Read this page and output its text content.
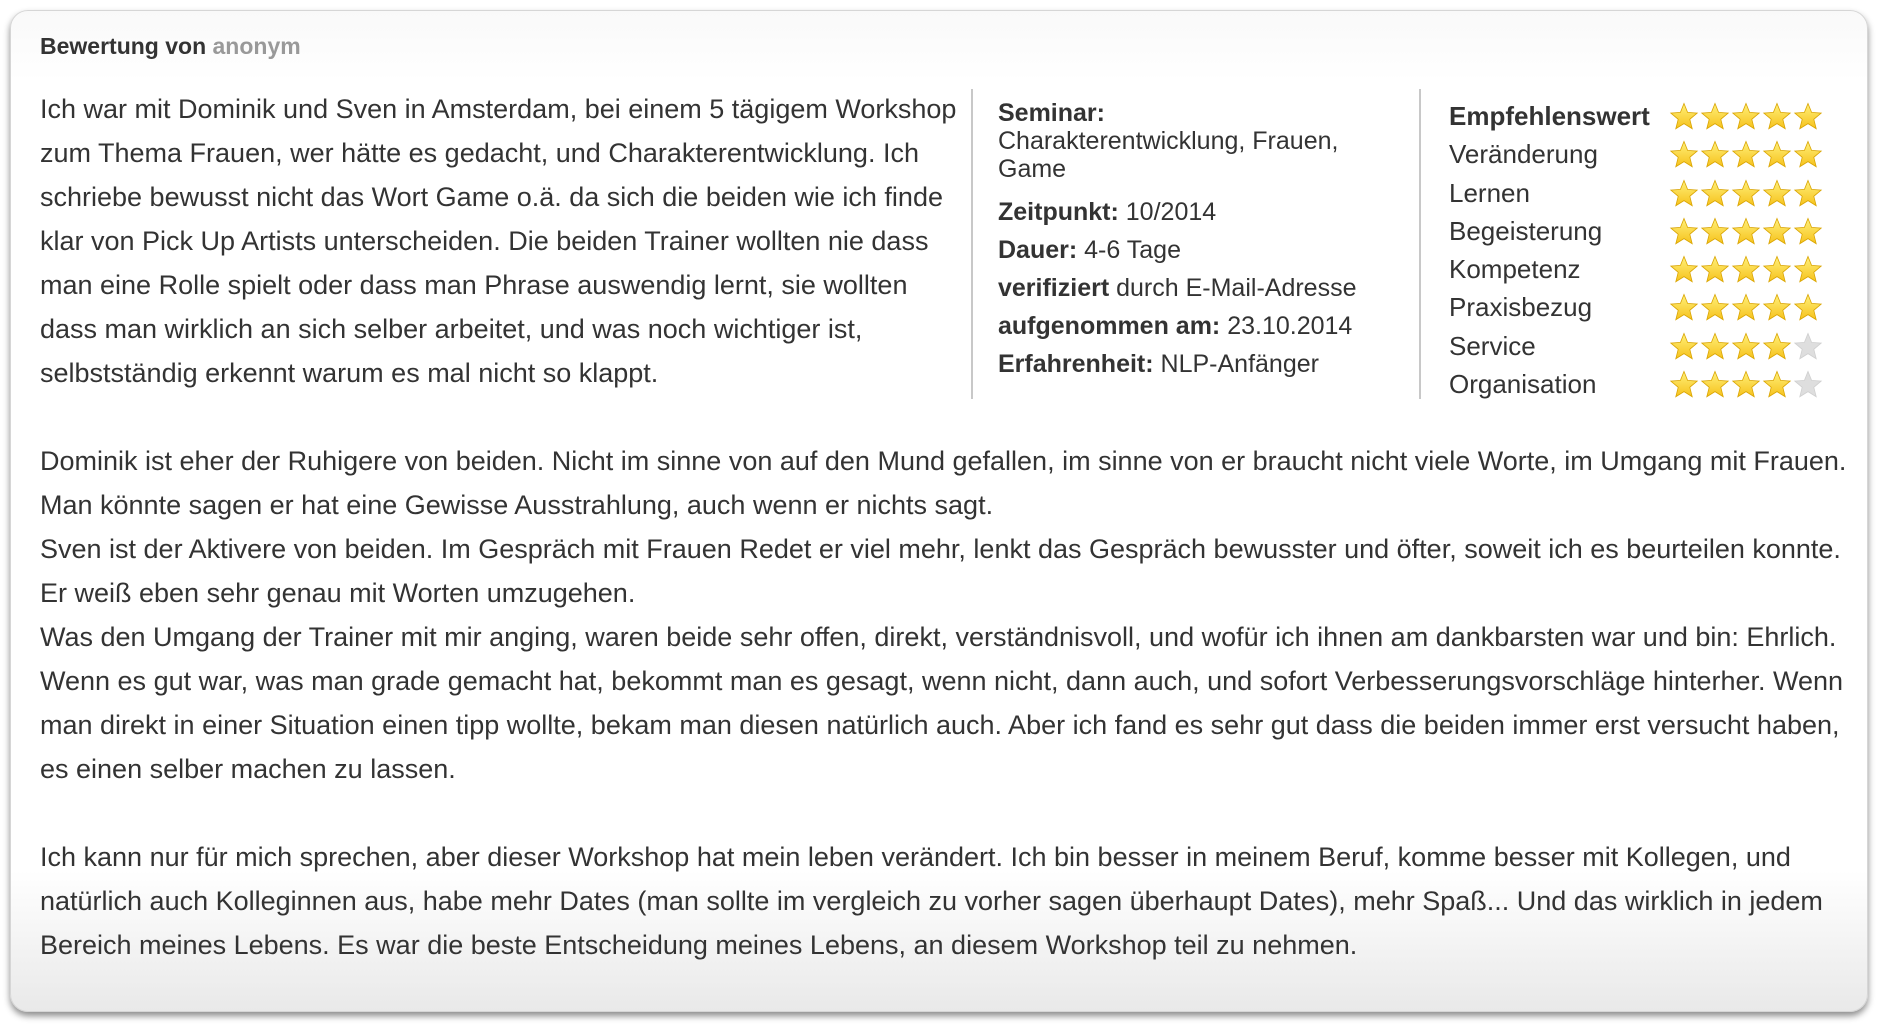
Bewertung von anonym
Ich war mit Dominik und Sven in Amsterdam, bei einem 5 tägigem Workshop zum Thema Frauen, wer hätte es gedacht, und Charakterentwicklung. Ich schriebe bewusst nicht das Wort Game o.ä. da sich die beiden wie ich finde klar von Pick Up Artists unterscheiden. Die beiden Trainer wollten nie dass man eine Rolle spielt oder dass man Phrase auswendig lernt, sie wollten dass man wirklich an sich selber arbeitet, und was noch wichtiger ist, selbstständig erkennt warum es mal nicht so klappt.
Seminar:
Charakterentwicklung, Frauen, Game
Zeitpunkt: 10/2014
Dauer: 4-6 Tage
verifiziert durch E-Mail-Adresse
aufgenommen am: 23.10.2014
Erfahrenheit: NLP-Anfänger
Empfehlenswert
Veränderung
Lernen
Begeisterung
Kompetenz
Praxisbezug
Service
Organisation

Dominik ist eher der Ruhigere von beiden. Nicht im sinne von auf den Mund gefallen, im sinne von er braucht nicht viele Worte, im Umgang mit Frauen. Man könnte sagen er hat eine Gewisse Ausstrahlung, auch wenn er nichts sagt.

Sven ist der Aktivere von beiden. Im Gespräch mit Frauen Redet er viel mehr, lenkt das Gespräch bewusster und öfter, soweit ich es beurteilen konnte. Er weiß eben sehr genau mit Worten umzugehen.

Was den Umgang der Trainer mit mir anging, waren beide sehr offen, direkt, verständnisvoll, und wofür ich ihnen am dankbarsten war und bin: Ehrlich. Wenn es gut war, was man grade gemacht hat, bekommt man es gesagt, wenn nicht, dann auch, und sofort Verbesserungsvorschläge hinterher. Wenn man direkt in einer Situation einen tipp wollte, bekam man diesen natürlich auch. Aber ich fand es sehr gut dass die beiden immer erst versucht haben, es einen selber machen zu lassen.

Ich kann nur für mich sprechen, aber dieser Workshop hat mein leben verändert. Ich bin besser in meinem Beruf, komme besser mit Kollegen, und natürlich auch Kolleginnen aus, habe mehr Dates (man sollte im vergleich zu vorher sagen überhaupt Dates), mehr Spaß... Und das wirklich in jedem Bereich meines Lebens. Es war die beste Entscheidung meines Lebens, an diesem Workshop teil zu nehmen.
